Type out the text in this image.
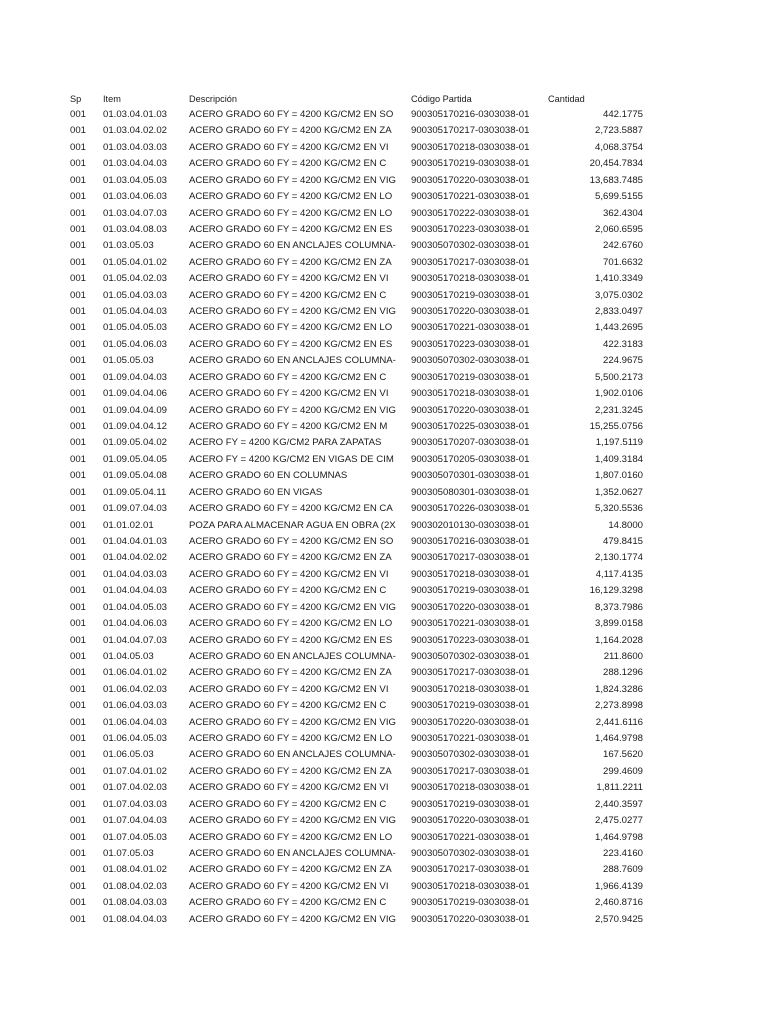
Sp	Item	Descripción	Código Partida	Cantidad
001	01.03.04.01.03	ACERO GRADO 60 FY = 4200 KG/CM2 EN SO	900305170216-0303038-01	442.1775
001	01.03.04.02.02	ACERO GRADO 60 FY = 4200 KG/CM2 EN ZA	900305170217-0303038-01	2,723.5887
001	01.03.04.03.03	ACERO GRADO 60 FY = 4200 KG/CM2 EN VI	900305170218-0303038-01	4,068.3754
001	01.03.04.04.03	ACERO GRADO 60 FY = 4200 KG/CM2 EN C	900305170219-0303038-01	20,454.7834
001	01.03.04.05.03	ACERO GRADO 60 FY = 4200 KG/CM2 EN VIG	900305170220-0303038-01	13,683.7485
001	01.03.04.06.03	ACERO GRADO 60 FY = 4200 KG/CM2 EN LO	900305170221-0303038-01	5,699.5155
001	01.03.04.07.03	ACERO GRADO 60 FY = 4200 KG/CM2 EN LO	900305170222-0303038-01	362.4304
001	01.03.04.08.03	ACERO GRADO 60 FY = 4200 KG/CM2 EN ES	900305170223-0303038-01	2,060.6595
001	01.03.05.03	ACERO GRADO 60 EN ANCLAJES COLUMNA-	900305070302-0303038-01	242.6760
001	01.05.04.01.02	ACERO GRADO 60 FY = 4200 KG/CM2 EN ZA	900305170217-0303038-01	701.6632
001	01.05.04.02.03	ACERO GRADO 60 FY = 4200 KG/CM2 EN VI	900305170218-0303038-01	1,410.3349
001	01.05.04.03.03	ACERO GRADO 60 FY = 4200 KG/CM2 EN C	900305170219-0303038-01	3,075.0302
001	01.05.04.04.03	ACERO GRADO 60 FY = 4200 KG/CM2 EN VIG	900305170220-0303038-01	2,833.0497
001	01.05.04.05.03	ACERO GRADO 60 FY = 4200 KG/CM2 EN LO	900305170221-0303038-01	1,443.2695
001	01.05.04.06.03	ACERO GRADO 60 FY = 4200 KG/CM2 EN ES	900305170223-0303038-01	422.3183
001	01.05.05.03	ACERO GRADO 60 EN ANCLAJES COLUMNA-	900305070302-0303038-01	224.9675
001	01.09.04.04.03	ACERO GRADO 60 FY = 4200 KG/CM2 EN C	900305170219-0303038-01	5,500.2173
001	01.09.04.04.06	ACERO GRADO 60 FY = 4200 KG/CM2 EN VI	900305170218-0303038-01	1,902.0106
001	01.09.04.04.09	ACERO GRADO 60 FY = 4200 KG/CM2 EN VIG	900305170220-0303038-01	2,231.3245
001	01.09.04.04.12	ACERO GRADO 60 FY = 4200 KG/CM2 EN M	900305170225-0303038-01	15,255.0756
001	01.09.05.04.02	ACERO FY = 4200 KG/CM2 PARA ZAPATAS	900305170207-0303038-01	1,197.5119
001	01.09.05.04.05	ACERO FY = 4200 KG/CM2 EN VIGAS DE CIM	900305170205-0303038-01	1,409.3184
001	01.09.05.04.08	ACERO GRADO 60 EN COLUMNAS	900305070301-0303038-01	1,807.0160
001	01.09.05.04.11	ACERO GRADO 60 EN VIGAS	900305080301-0303038-01	1,352.0627
001	01.09.07.04.03	ACERO GRADO 60 FY = 4200 KG/CM2 EN CA	900305170226-0303038-01	5,320.5536
001	01.01.02.01	POZA PARA ALMACENAR AGUA EN OBRA (2X	900302010130-0303038-01	14.8000
001	01.04.04.01.03	ACERO GRADO 60 FY = 4200 KG/CM2 EN SO	900305170216-0303038-01	479.8415
001	01.04.04.02.02	ACERO GRADO 60 FY = 4200 KG/CM2 EN ZA	900305170217-0303038-01	2,130.1774
001	01.04.04.03.03	ACERO GRADO 60 FY = 4200 KG/CM2 EN VI	900305170218-0303038-01	4,117.4135
001	01.04.04.04.03	ACERO GRADO 60 FY = 4200 KG/CM2 EN C	900305170219-0303038-01	16,129.3298
001	01.04.04.05.03	ACERO GRADO 60 FY = 4200 KG/CM2 EN VIG	900305170220-0303038-01	8,373.7986
001	01.04.04.06.03	ACERO GRADO 60 FY = 4200 KG/CM2 EN LO	900305170221-0303038-01	3,899.0158
001	01.04.04.07.03	ACERO GRADO 60 FY = 4200 KG/CM2 EN ES	900305170223-0303038-01	1,164.2028
001	01.04.05.03	ACERO GRADO 60 EN ANCLAJES COLUMNA-	900305070302-0303038-01	211.8600
001	01.06.04.01.02	ACERO GRADO 60 FY = 4200 KG/CM2 EN ZA	900305170217-0303038-01	288.1296
001	01.06.04.02.03	ACERO GRADO 60 FY = 4200 KG/CM2 EN VI	900305170218-0303038-01	1,824.3286
001	01.06.04.03.03	ACERO GRADO 60 FY = 4200 KG/CM2 EN C	900305170219-0303038-01	2,273.8998
001	01.06.04.04.03	ACERO GRADO 60 FY = 4200 KG/CM2 EN VIG	900305170220-0303038-01	2,441.6116
001	01.06.04.05.03	ACERO GRADO 60 FY = 4200 KG/CM2 EN LO	900305170221-0303038-01	1,464.9798
001	01.06.05.03	ACERO GRADO 60 EN ANCLAJES COLUMNA-	900305070302-0303038-01	167.5620
001	01.07.04.01.02	ACERO GRADO 60 FY = 4200 KG/CM2 EN ZA	900305170217-0303038-01	299.4609
001	01.07.04.02.03	ACERO GRADO 60 FY = 4200 KG/CM2 EN VI	900305170218-0303038-01	1,811.2211
001	01.07.04.03.03	ACERO GRADO 60 FY = 4200 KG/CM2 EN C	900305170219-0303038-01	2,440.3597
001	01.07.04.04.03	ACERO GRADO 60 FY = 4200 KG/CM2 EN VIG	900305170220-0303038-01	2,475.0277
001	01.07.04.05.03	ACERO GRADO 60 FY = 4200 KG/CM2 EN LO	900305170221-0303038-01	1,464.9798
001	01.07.05.03	ACERO GRADO 60 EN ANCLAJES COLUMNA-	900305070302-0303038-01	223.4160
001	01.08.04.01.02	ACERO GRADO 60 FY = 4200 KG/CM2 EN ZA	900305170217-0303038-01	288.7609
001	01.08.04.02.03	ACERO GRADO 60 FY = 4200 KG/CM2 EN VI	900305170218-0303038-01	1,966.4139
001	01.08.04.03.03	ACERO GRADO 60 FY = 4200 KG/CM2 EN C	900305170219-0303038-01	2,460.8716
001	01.08.04.04.03	ACERO GRADO 60 FY = 4200 KG/CM2 EN VIG	900305170220-0303038-01	2,570.9425
